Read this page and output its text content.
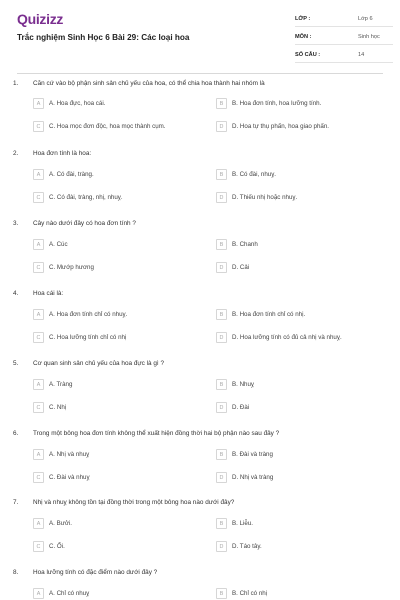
Quizizz
Trắc nghiệm Sinh Học 6 Bài 29: Các loại hoa
LỚP :	Lớp 6
MÔN :	Sinh học
SỐ CÂU :	14
1. Căn cứ vào bộ phận sinh sản chủ yếu của hoa, có thể chia hoa thành hai nhóm là
A	A. Hoa đực, hoa cái.	B	B. Hoa đơn tính, hoa lưỡng tính.
C	C. Hoa mọc đơn độc, hoa mọc thành cụm.	D	D. Hoa tự thụ phấn, hoa giao phấn.
2. Hoa đơn tính là hoa:
A	A. Có đài, tràng.	B	B. Có đài, nhuỵ.
C	C. Có đài, tràng, nhị, nhuỵ.	D	D. Thiếu nhị hoặc nhuỵ.
3. Cây nào dưới đây có hoa đơn tính ?
A	A. Cúc	B	B. Chanh
C	C. Mướp hương	D	D. Cải
4. Hoa cái là:
A	A. Hoa đơn tính chỉ có nhuỵ.	B	B. Hoa đơn tính chỉ có nhị.
C	C. Hoa lưỡng tính chỉ có nhị	D	D. Hoa lưỡng tính có đủ cả nhị và nhuỵ.
5. Cơ quan sinh sản chủ yếu của hoa đực là gì ?
A	A. Tràng	B	B. Nhuỵ
C	C. Nhị	D	D. Đài
6. Trong một bông hoa đơn tính không thể xuất hiện đồng thời hai bộ phận nào sau đây ?
A	A. Nhị và nhuỵ	B	B. Đài và tràng
C	C. Đài và nhuỵ	D	D. Nhị và tràng
7. Nhị và nhuỵ không tồn tại đồng thời trong một bông hoa nào dưới đây?
A	A. Bưởi.	B	B. Liễu.
C	C. Ổi.	D	D. Táo tây.
8. Hoa lưỡng tính có đặc điểm nào dưới đây ?
A	A. Chỉ có nhuỵ	B	B. Chỉ có nhị
